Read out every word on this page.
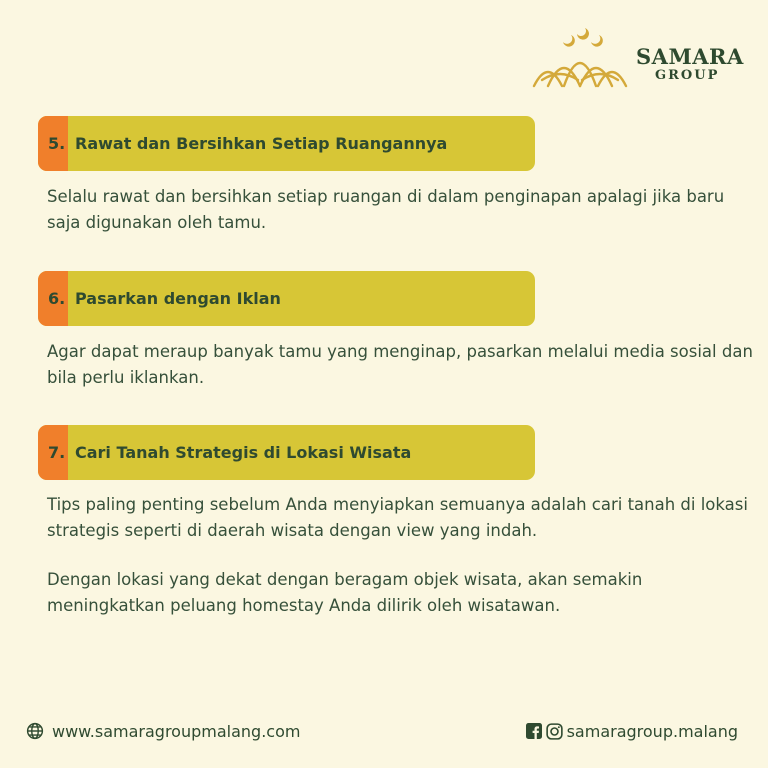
SAMARA
GROUP
5. Rawat dan Bersihkan Setiap Ruangannya

Selalu rawat dan bersihkan setiap ruangan di dalam penginapan apalagi jika baru saja digunakan oleh tamu.

6. Pasarkan dengan Iklan

Agar dapat meraup banyak tamu yang menginap, pasarkan melalui media sosial dan bila perlu iklankan.

7. Cari Tanah Strategis di Lokasi Wisata

Tips paling penting sebelum Anda menyiapkan semuanya adalah cari tanah di lokasi strategis seperti di daerah wisata dengan view yang indah.

Dengan lokasi yang dekat dengan beragam objek wisata, akan semakin meningkatkan peluang homestay Anda dilirik oleh wisatawan.

www.samaragroupmalang.com	samaragroup.malang
